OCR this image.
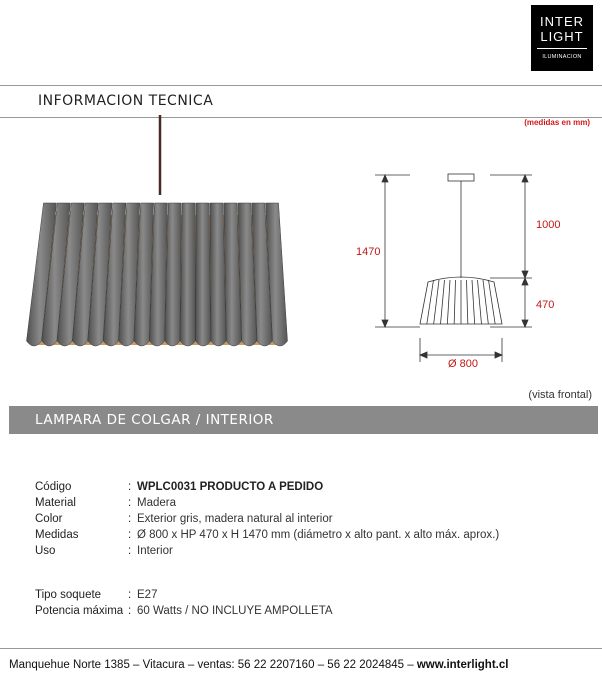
INTER
LIGHT
ILUMINACION
INFORMACION TECNICA
(medidas en mm)
1470
1000
470
Ø 800
(vista frontal)
LAMPARA DE COLGAR / INTERIOR
Código	: WPLC0031 PRODUCTO A PEDIDO
Material	: Madera
Color	: Exterior gris, madera natural al interior
Medidas	: Ø 800 x HP 470 x H 1470 mm (diámetro x alto pant. x alto máx. aprox.)
Uso	: Interior
Tipo soquete : E27
Potencia máxima : 60 Watts / NO INCLUYE AMPOLLETA
Manquehue Norte 1385 – Vitacura – ventas: 56 22 2207160 – 56 22 2024845 – www.interlight.cl
